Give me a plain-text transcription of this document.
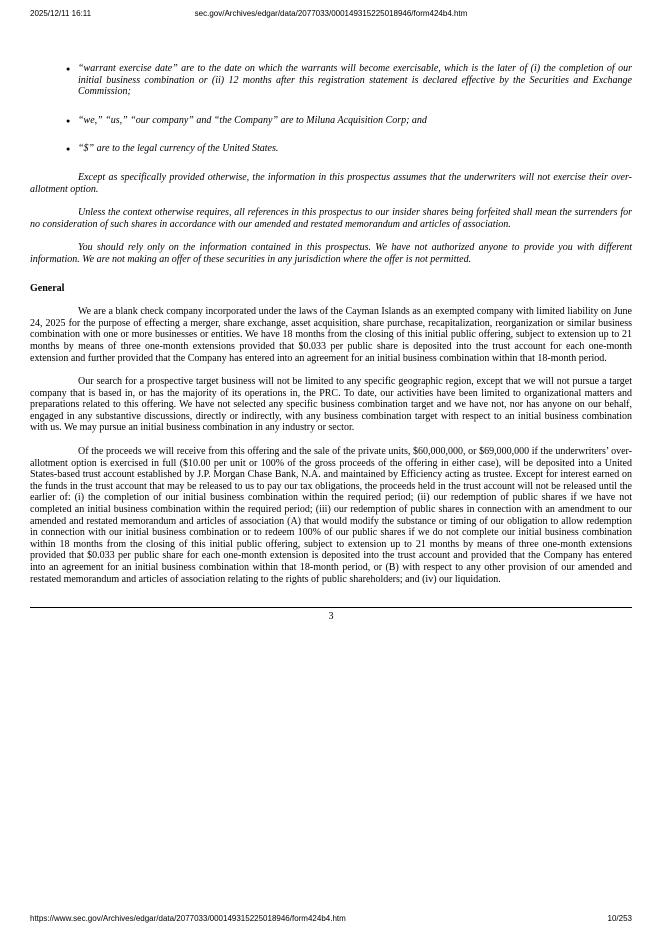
2025/12/11 16:11	sec.gov/Archives/edgar/data/2077033/000149315225018946/form424b4.htm
● “warrant exercise date” are to the date on which the warrants will become exercisable, which is the later of (i) the completion of our initial business combination or (ii) 12 months after this registration statement is declared effective by the Securities and Exchange Commission;
● “we,” “us,” “our company” and “the Company” are to Miluna Acquisition Corp; and
● “$” are to the legal currency of the United States.

Except as specifically provided otherwise, the information in this prospectus assumes that the underwriters will not exercise their over-allotment option.

Unless the context otherwise requires, all references in this prospectus to our insider shares being forfeited shall mean the surrenders for no consideration of such shares in accordance with our amended and restated memorandum and articles of association.

You should rely only on the information contained in this prospectus. We have not authorized anyone to provide you with different information. We are not making an offer of these securities in any jurisdiction where the offer is not permitted.

General

We are a blank check company incorporated under the laws of the Cayman Islands as an exempted company with limited liability on June 24, 2025 for the purpose of effecting a merger, share exchange, asset acquisition, share purchase, recapitalization, reorganization or similar business combination with one or more businesses or entities. We have 18 months from the closing of this initial public offering, subject to extension up to 21 months by means of three one-month extensions provided that $0.033 per public share is deposited into the trust account for each one-month extension and further provided that the Company has entered into an agreement for an initial business combination within that 18-month period.

Our search for a prospective target business will not be limited to any specific geographic region, except that we will not pursue a target company that is based in, or has the majority of its operations in, the PRC. To date, our activities have been limited to organizational matters and preparations related to this offering. We have not selected any specific business combination target and we have not, nor has anyone on our behalf, engaged in any substantive discussions, directly or indirectly, with any business combination target with respect to an initial business combination with us. We may pursue an initial business combination in any industry or sector.

Of the proceeds we will receive from this offering and the sale of the private units, $60,000,000, or $69,000,000 if the underwriters’ over-allotment option is exercised in full ($10.00 per unit or 100% of the gross proceeds of the offering in either case), will be deposited into a United States-based trust account established by J.P. Morgan Chase Bank, N.A. and maintained by Efficiency acting as trustee. Except for interest earned on the funds in the trust account that may be released to us to pay our tax obligations, the proceeds held in the trust account will not be released until the earlier of: (i) the completion of our initial business combination within the required period; (ii) our redemption of public shares if we have not completed an initial business combination within the required period; (iii) our redemption of public shares in connection with an amendment to our amended and restated memorandum and articles of association (A) that would modify the substance or timing of our obligation to allow redemption in connection with our initial business combination or to redeem 100% of our public shares if we do not complete our initial business combination within 18 months from the closing of this initial public offering, subject to extension up to 21 months by means of three one-month extensions provided that $0.033 per public share for each one-month extension is deposited into the trust account and provided that the Company has entered into an agreement for an initial business combination within that 18-month period, or (B) with respect to any other provision of our amended and restated memorandum and articles of association relating to the rights of public shareholders; and (iv) our liquidation.

3
https://www.sec.gov/Archives/edgar/data/2077033/000149315225018946/form424b4.htm	10/253
